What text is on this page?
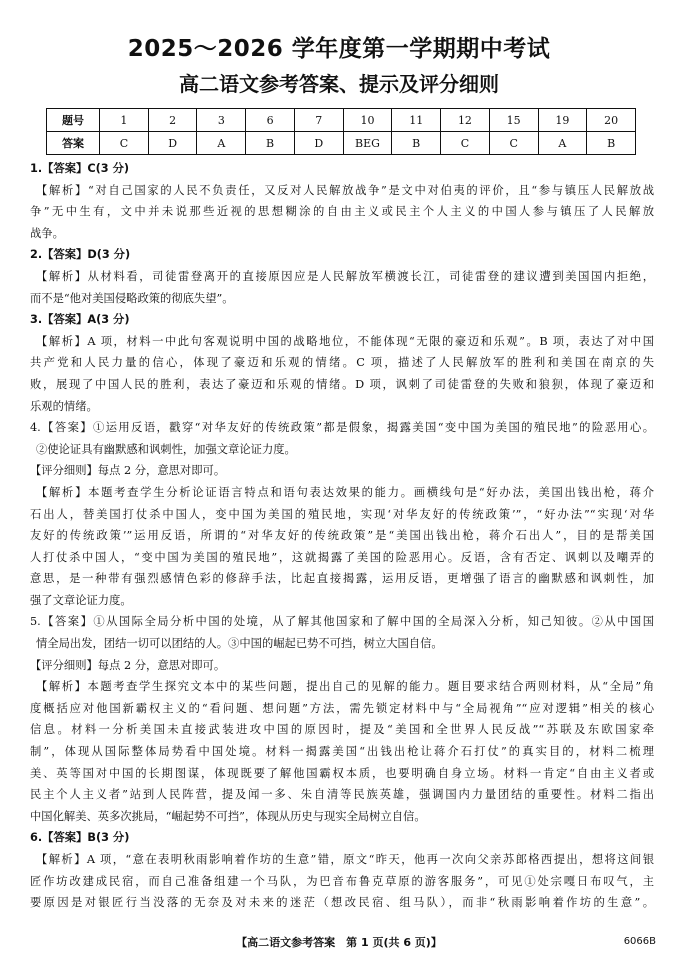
2025～2026 学年度第一学期期中考试
高二语文参考答案、提示及评分细则
题号	1	2	3	6	7	10	11	12	15	19	20
答案	C	D	A	B	D	BEG	B	C	C	A	B
1.【答案】C(3 分)
【解析】“对自己国家的人民不负责任，又反对人民解放战争”是文中对伯夷的评价，且“参与镇压人民解放战
争”无中生有，文中并未说那些近视的思想糊涂的自由主义或民主个人主义的中国人参与镇压了人民解放
战争。
2.【答案】D(3 分)
【解析】从材料看，司徒雷登离开的直接原因应是人民解放军横渡长江，司徒雷登的建议遭到美国国内拒绝，
而不是“他对美国侵略政策的彻底失望”。
3.【答案】A(3 分)
【解析】A 项，材料一中此句客观说明中国的战略地位，不能体现“无限的豪迈和乐观”。B 项，表达了对中国
共产党和人民力量的信心，体现了豪迈和乐观的情绪。C 项，描述了人民解放军的胜利和美国在南京的失
败，展现了中国人民的胜利，表达了豪迈和乐观的情绪。D 项，讽刺了司徒雷登的失败和狼狈，体现了豪迈和
乐观的情绪。
4.【答案】①运用反语，戳穿“对华友好的传统政策”都是假象，揭露美国“变中国为美国的殖民地”的险恶用心。
②使论证具有幽默感和讽刺性，加强文章论证力度。
【评分细则】每点 2 分，意思对即可。
【解析】本题考查学生分析论证语言特点和语句表达效果的能力。画横线句是“好办法，美国出钱出枪，蒋介
石出人，替美国打仗杀中国人，变中国为美国的殖民地，实现‘对华友好的传统政策’”，“好办法”“实现‘对华
友好的传统政策’”运用反语，所谓的“对华友好的传统政策”是“美国出钱出枪，蒋介石出人”，目的是帮美国
人打仗杀中国人，“变中国为美国的殖民地”，这就揭露了美国的险恶用心。反语，含有否定、讽刺以及嘲弄的
意思，是一种带有强烈感情色彩的修辞手法，比起直接揭露，运用反语，更增强了语言的幽默感和讽刺性，加
强了文章论证力度。
5.【答案】①从国际全局分析中国的处境，从了解其他国家和了解中国的全局深入分析，知己知彼。②从中国国
情全局出发，团结一切可以团结的人。③中国的崛起已势不可挡，树立大国自信。
【评分细则】每点 2 分，意思对即可。
【解析】本题考查学生探究文本中的某些问题，提出自己的见解的能力。题目要求结合两则材料，从“全局”角
度概括应对他国新霸权主义的“看问题、想问题”方法，需先锁定材料中与“全局视角”“应对逻辑”相关的核心
信息。材料一分析美国未直接武装进攻中国的原因时，提及“美国和全世界人民反战”“苏联及东欧国家牵
制”，体现从国际整体局势看中国处境。材料一揭露美国“出钱出枪让蒋介石打仗”的真实目的，材料二梳理
美、英等国对中国的长期图谋，体现既要了解他国霸权本质，也要明确自身立场。材料一肯定“自由主义者或
民主个人主义者”站到人民阵营，提及闻一多、朱自清等民族英雄，强调国内力量团结的重要性。材料二指出
中国化解美、英多次挑局，“崛起势不可挡”，体现从历史与现实全局树立自信。
6.【答案】B(3 分)
【解析】A 项，“意在表明秋雨影响着作坊的生意”错，原文“昨天，他再一次向父亲苏郎格西提出，想将这间银
匠作坊改建成民宿，而自己准备组建一个马队，为巴音布鲁克草原的游客服务”，可见①处宗嘎日布叹气，主
要原因是对银匠行当没落的无奈及对未来的迷茫（想改民宿、组马队），而非“秋雨影响着作坊的生意”。
【高二语文参考答案　第 1 页(共 6 页)】	6066B
